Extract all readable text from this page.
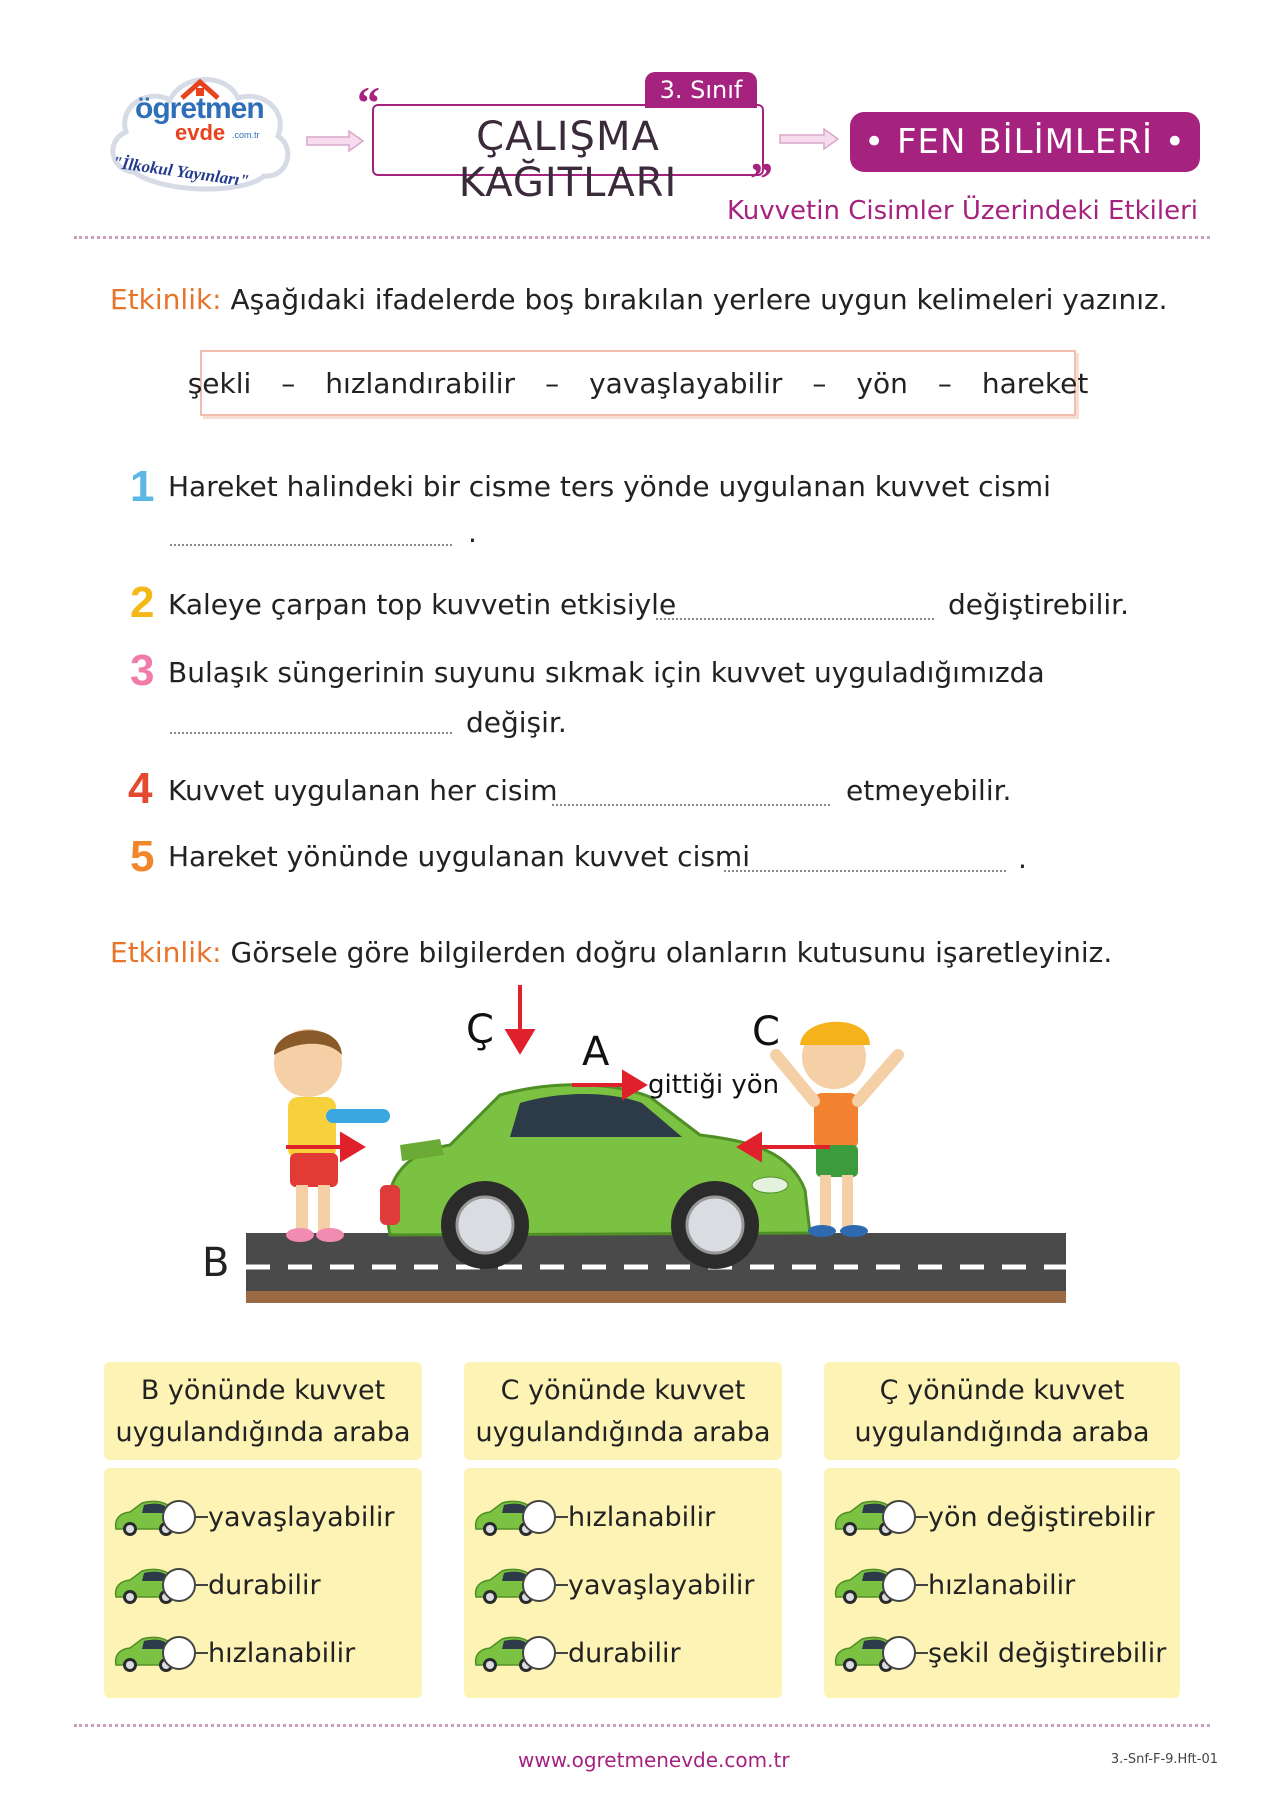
ögretmen
evde .com.tr
"İlkokul Yayınları"
3. Sınıf
“
ÇALIŞMA KAĞITLARI	”
• FEN BİLİMLERİ •
Kuvvetin Cisimler Üzerindeki Etkileri
Etkinlik: Aşağıdaki ifadelerde boş bırakılan yerlere uygun kelimeleri yazınız.
şekli – hızlandırabilir – yavaşlayabilir – yön – hareket
1 Hareket halindeki bir cisme ters yönde uygulanan kuvvet cismi
.
2 Kaleye çarpan top kuvvetin etkisiyle	değiştirebilir.
3 Bulaşık süngerinin suyunu sıkmak için kuvvet uyguladığımızda
değişir.
4 Kuvvet uygulanan her cisim	etmeyebilir.
5 Hareket yönünde uygulanan kuvvet cismi	.
Etkinlik: Görsele göre bilgilerden doğru olanların kutusunu işaretleyiniz.
Ç A
gittiği yön
C
B
B yönünde kuvvet
uygulandığında araba
yavaşlayabilir
durabilir
hızlanabilir
C yönünde kuvvet
uygulandığında araba
hızlanabilir
yavaşlayabilir
durabilir
Ç yönünde kuvvet
uygulandığında araba
yön değiştirebilir
hızlanabilir
şekil değiştirebilir
www.ogretmenevde.com.tr	3.-Snf-F-9.Hft-01
